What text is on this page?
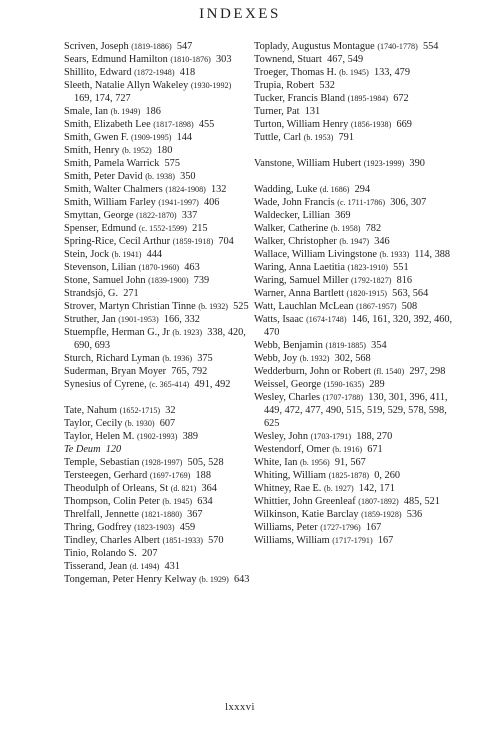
INDEXES
Scriven, Joseph (1819-1886) 547
Sears, Edmund Hamilton (1810-1876) 303
Shillito, Edward (1872-1948) 418
Sleeth, Natalie Allyn Wakeley (1930-1992)  169, 174, 727
Smale, Ian (b. 1949) 186
Smith, Elizabeth Lee (1817-1898) 455
Smith, Gwen F. (1909-1995) 144
Smith, Henry (b. 1952) 180
Smith, Pamela Warrick 575
Smith, Peter David (b. 1938) 350
Smith, Walter Chalmers (1824-1908) 132
Smith, William Farley (1941-1997) 406
Smyttan, George (1822-1870) 337
Spenser, Edmund (c. 1552-1599) 215
Spring-Rice, Cecil Arthur (1859-1918) 704
Stein, Jock (b. 1941) 444
Stevenson, Lilian (1870-1960) 463
Stone, Samuel John (1839-1900) 739
Strandsjö, G. 271
Strover, Martyn Christian Tinne (b. 1932) 525
Struther, Jan (1901-1953) 166, 332
Stuempfle, Herman G., Jr (b. 1923) 338, 420, 690, 693
Sturch, Richard Lyman (b. 1936) 375
Suderman, Bryan Moyer 765, 792
Synesius of Cyrene, (c. 365-414) 491, 492
Tate, Nahum (1652-1715) 32
Taylor, Cecily (b. 1930) 607
Taylor, Helen M. (1902-1993) 389
Te Deum 120
Temple, Sebastian (1928-1997) 505, 528
Tersteegen, Gerhard (1697-1769) 188
Theodulph of Orleans, St (d. 821) 364
Thompson, Colin Peter (b. 1945) 634
Threlfall, Jennette (1821-1880) 367
Thring, Godfrey (1823-1903) 459
Tindley, Charles Albert (1851-1933) 570
Tinio, Rolando S. 207
Tisserand, Jean (d. 1494) 431
Tongeman, Peter Henry Kelway (b. 1929) 643
Toplady, Augustus Montague (1740-1778) 554
Townend, Stuart 467, 549
Troeger, Thomas H. (b. 1945) 133, 479
Trupia, Robert 532
Tucker, Francis Bland (1895-1984) 672
Turner, Pat 131
Turton, William Henry (1856-1938) 669
Tuttle, Carl (b. 1953) 791
Vanstone, William Hubert (1923-1999) 390
Wadding, Luke (d. 1686) 294
Wade, John Francis (c. 1711-1786) 306, 307
Waldecker, Lillian 369
Walker, Catherine (b. 1958) 782
Walker, Christopher (b. 1947) 346
Wallace, William Livingstone (b. 1933) 114, 388
Waring, Anna Laetitia (1823-1910) 551
Waring, Samuel Miller (1792-1827) 816
Warner, Anna Bartlett (1820-1915) 563, 564
Watt, Lauchlan McLean (1867-1957) 508
Watts, Isaac (1674-1748) 146, 161, 320, 392, 460, 470
Webb, Benjamin (1819-1885) 354
Webb, Joy (b. 1932) 302, 568
Wedderburn, John or Robert (fl. 1540) 297, 298
Weissel, George (1590-1635) 289
Wesley, Charles (1707-1788) 130, 301, 396, 411, 449, 472, 477, 490, 515, 519, 529, 578, 598, 625
Wesley, John (1703-1791) 188, 270
Westendorf, Omer (b. 1916) 671
White, Ian (b. 1956) 91, 567
Whiting, William (1825-1878) 0, 260
Whitney, Rae E. (b. 1927) 142, 171
Whittier, John Greenleaf (1807-1892) 485, 521
Wilkinson, Katie Barclay (1859-1928) 536
Williams, Peter (1727-1796) 167
Williams, William (1717-1791) 167
lxxxvi
